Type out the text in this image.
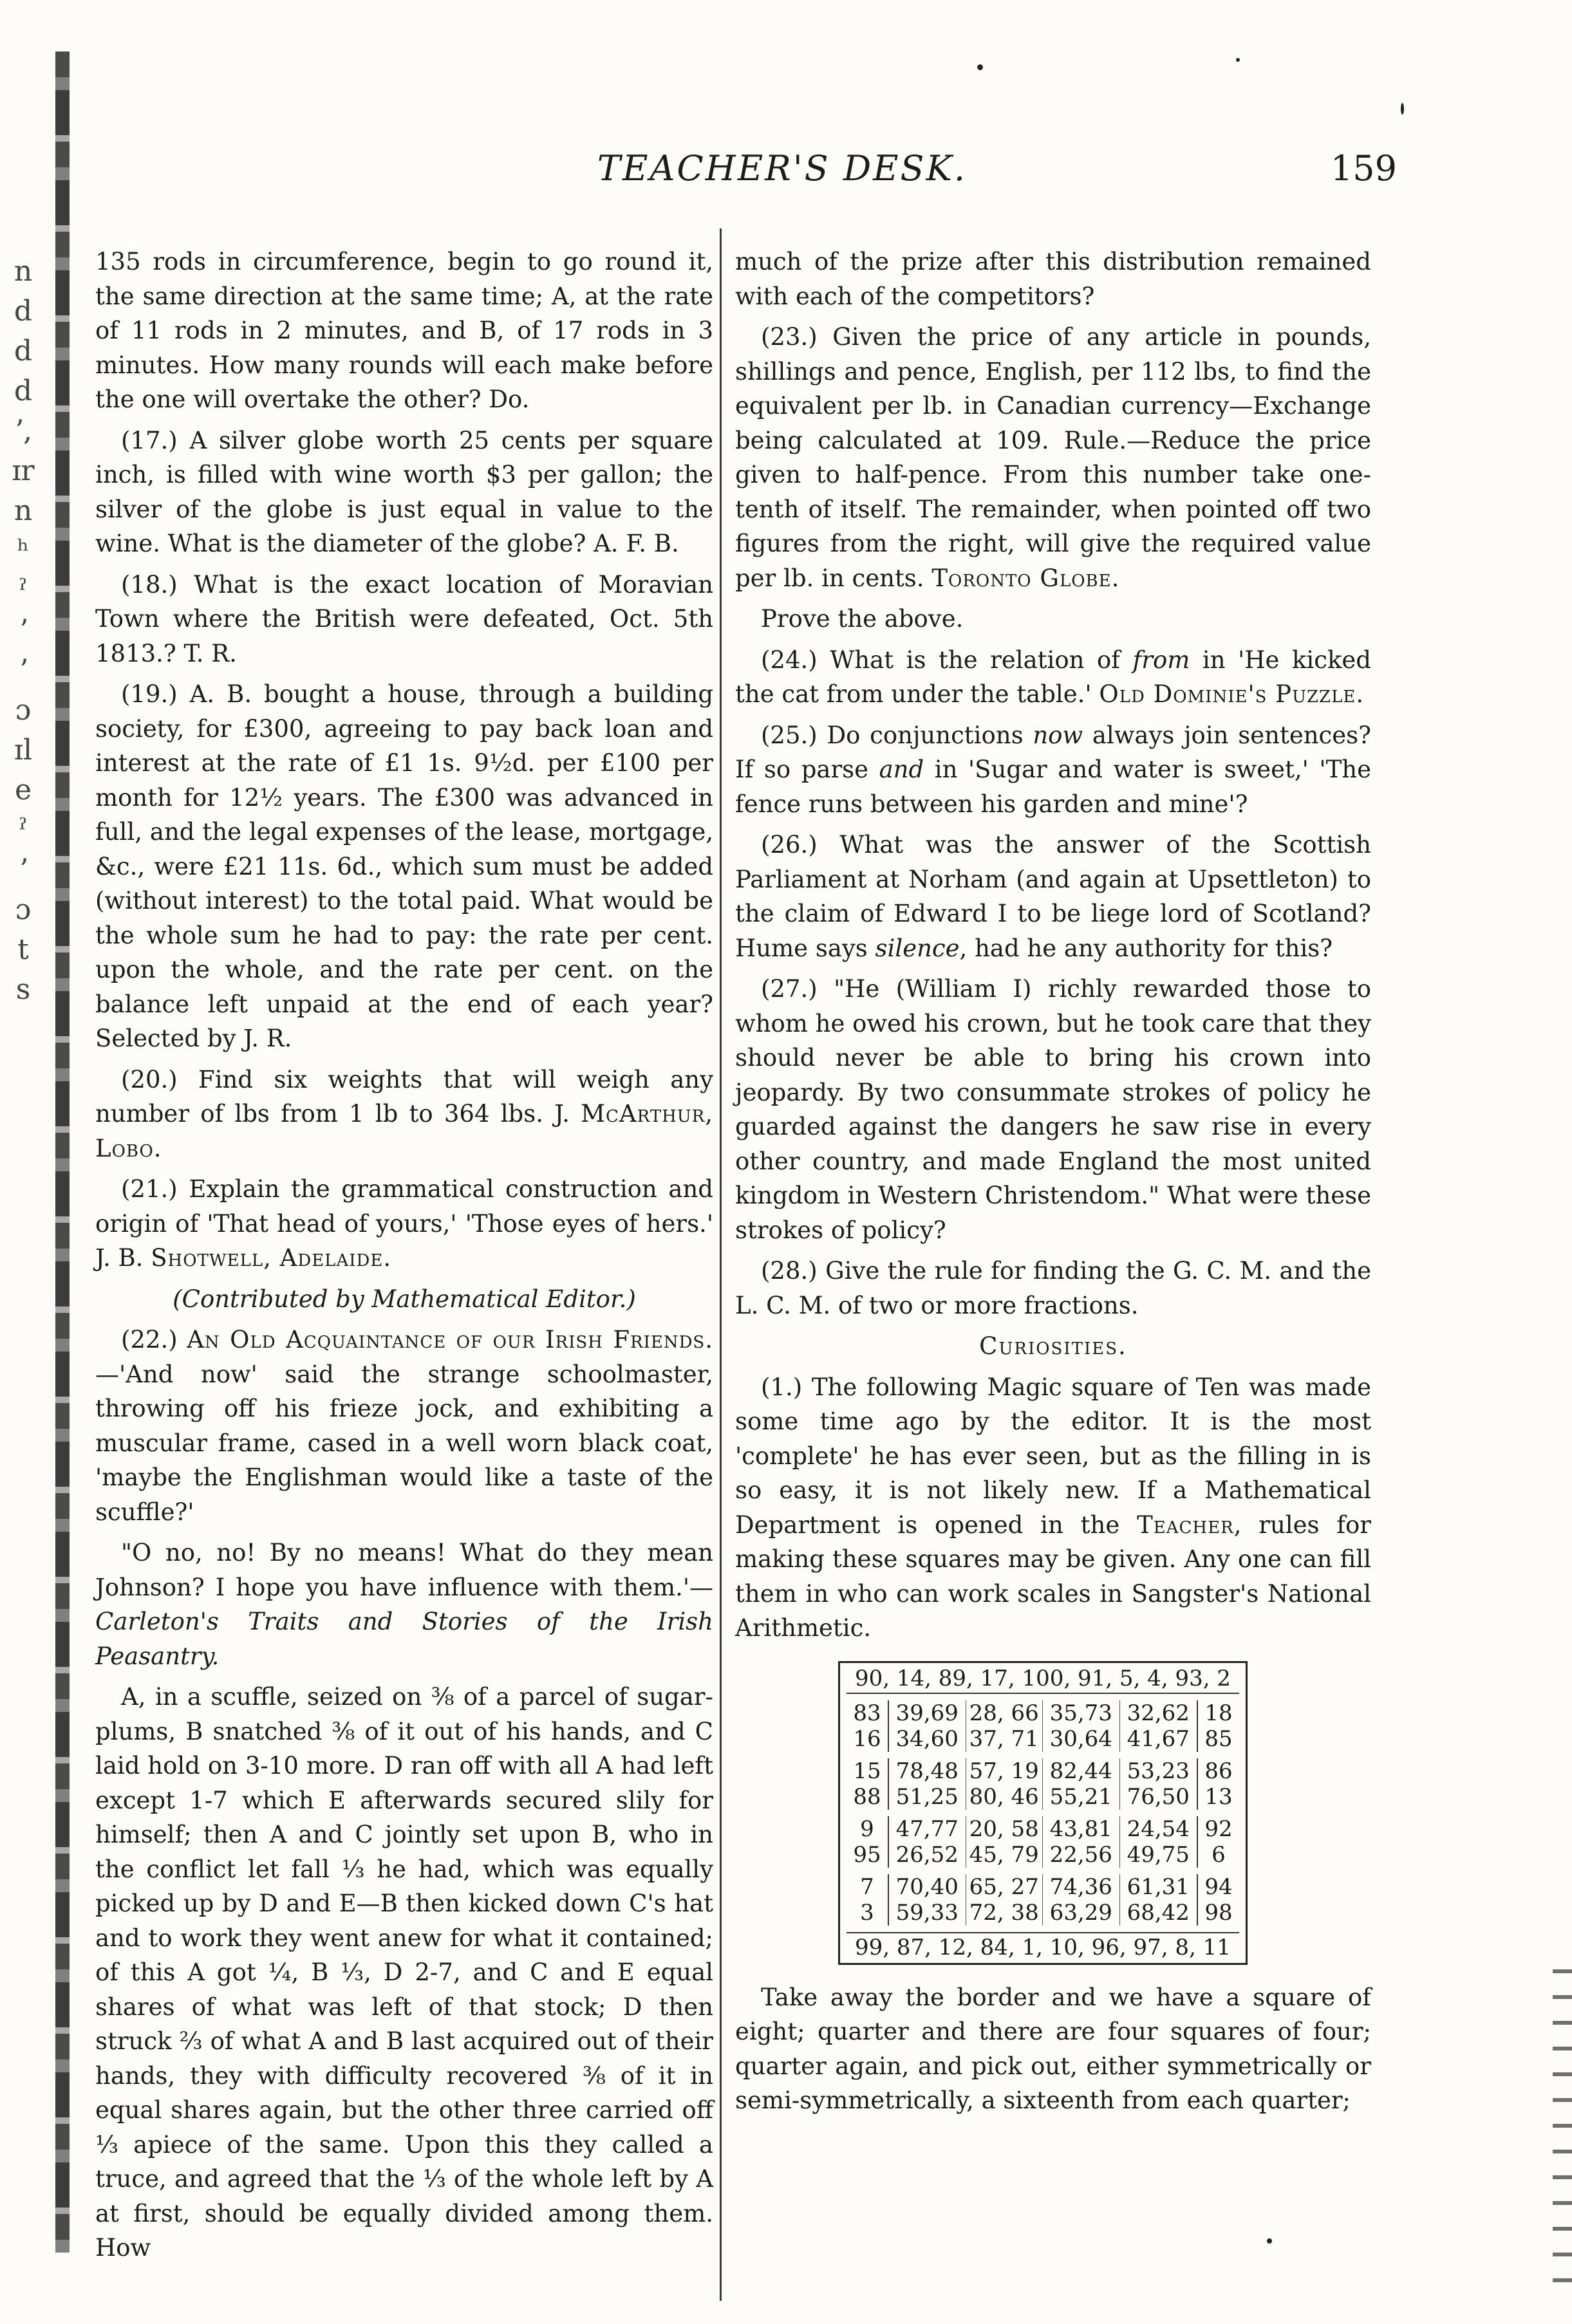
n
d
d
d
ʼ,
ɪr
n
ʰ
ˀ
ʼ
ʼ
ɔ
ɪl
e
ˀ
ʼ
ɔ
t
s
TEACHER'S DESK.	159

135 rods in circumference, begin to go round it, the same direction at the same time; A, at the rate of 11 rods in 2 minutes, and B, of 17 rods in 3 minutes. How many rounds will each make before the one will overtake the other? Do.

(17.) A silver globe worth 25 cents per square inch, is filled with wine worth $3 per gallon; the silver of the globe is just equal in value to the wine. What is the diameter of the globe? A. F. B.

(18.) What is the exact location of Moravian Town where the British were defeated, Oct. 5th 1813.? T. R.

(19.) A. B. bought a house, through a building society, for £300, agreeing to pay back loan and interest at the rate of £1 1s. 9½d. per £100 per month for 12½ years. The £300 was advanced in full, and the legal expenses of the lease, mortgage, &c., were £21 11s. 6d., which sum must be added (without interest) to the total paid. What would be the whole sum he had to pay: the rate per cent. upon the whole, and the rate per cent. on the balance left unpaid at the end of each year? Selected by J. R.

(20.) Find six weights that will weigh any number of lbs from 1 lb to 364 lbs. J. McArthur, Lobo.

(21.) Explain the grammatical construction and origin of 'That head of yours,' 'Those eyes of hers.' J. B. Shotwell, Adelaide.

(Contributed by Mathematical Editor.)

(22.) An Old Acquaintance of our Irish Friends.—'And now' said the strange schoolmaster, throwing off his frieze jock, and exhibiting a muscular frame, cased in a well worn black coat, 'maybe the Englishman would like a taste of the scuffle?'

"O no, no! By no means! What do they mean Johnson? I hope you have influence with them.'—Carleton's Traits and Stories of the Irish Peasantry.

A, in a scuffle, seized on ⅜ of a parcel of sugar-plums, B snatched ⅜ of it out of his hands, and C laid hold on 3-10 more. D ran off with all A had left except 1-7 which E afterwards secured slily for himself; then A and C jointly set upon B, who in the conflict let fall ⅓ he had, which was equally picked up by D and E—B then kicked down C's hat and to work they went anew for what it contained; of this A got ¼, B ⅓, D 2-7, and C and E equal shares of what was left of that stock; D then struck ⅔ of what A and B last acquired out of their hands, they with difficulty recovered ⅜ of it in equal shares again, but the other three carried off ⅓ apiece of the same. Upon this they called a truce, and agreed that the ⅓ of the whole left by A at first, should be equally divided among them. How

much of the prize after this distribution remained with each of the competitors?

(23.) Given the price of any article in pounds, shillings and pence, English, per 112 lbs, to find the equivalent per lb. in Canadian currency—Exchange being calculated at 109. Rule.—Reduce the price given to half-pence. From this number take one-tenth of itself. The remainder, when pointed off two figures from the right, will give the required value per lb. in cents. Toronto Globe.

Prove the above.

(24.) What is the relation of from in 'He kicked the cat from under the table.' Old Dominie's Puzzle.

(25.) Do conjunctions now always join sentences? If so parse and in 'Sugar and water is sweet,' 'The fence runs between his garden and mine'?

(26.) What was the answer of the Scottish Parliament at Norham (and again at Upsettleton) to the claim of Edward I to be liege lord of Scotland? Hume says silence, had he any authority for this?

(27.) "He (William I) richly rewarded those to whom he owed his crown, but he took care that they should never be able to bring his crown into jeopardy. By two consummate strokes of policy he guarded against the dangers he saw rise in every other country, and made England the most united kingdom in Western Christendom." What were these strokes of policy?

(28.) Give the rule for finding the G. C. M. and the L. C. M. of two or more fractions.

Curiosities.

(1.) The following Magic square of Ten was made some time ago by the editor. It is the most 'complete' he has ever seen, but as the filling in is so easy, it is not likely new. If a Mathematical Department is opened in the Teacher, rules for making these squares may be given. Any one can fill them in who can work scales in Sangster's National Arithmetic.

90, 14, 89, 17, 100, 91, 5, 4, 93, 2
83
16
39,69 28, 66 35,73 32,62
34,60 37, 71 30,64 41,67
18
85
15
88
78,48 57, 19 82,44 53,23
51,25 80, 46 55,21 76,50
86
13
9
95
47,77 20, 58 43,81 24,54
26,52 45, 79 22,56 49,75
92
6
7
3
70,40 65, 27 74,36 61,31
59,33 72, 38 63,29 68,42
94
98
99, 87, 12, 84, 1, 10, 96, 97, 8, 11

Take away the border and we have a square of eight; quarter and there are four squares of four; quarter again, and pick out, either symmetrically or semi-symmetrically, a sixteenth from each quarter;
